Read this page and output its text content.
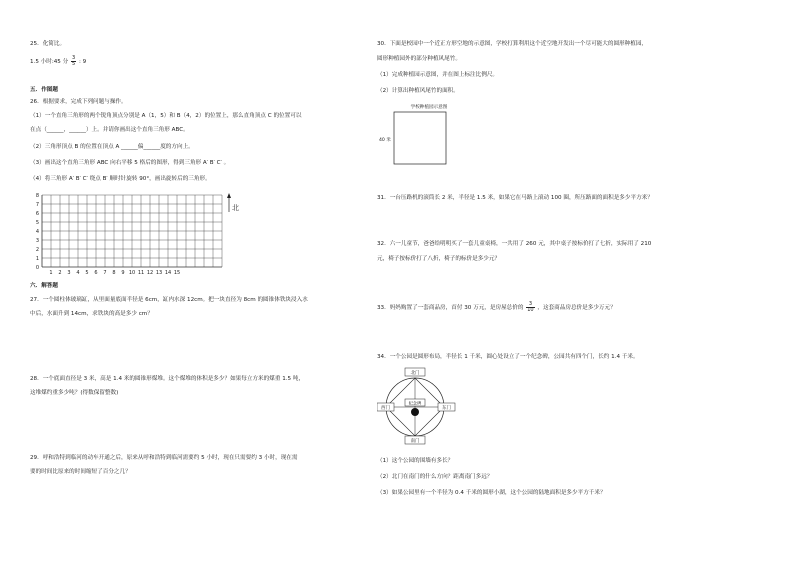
25．化简比。
1.5 小时:45 分 $\frac{3}{5}$ : 9
五．作图题
26．根据要求，完成下列问题与操作。
（1）一个直角三角形的两个锐角顶点分别是 A（1，5）和 B（4，2）的位置上，那么直角顶点 C 的位置可以
在点（______，______）上。并请你画出这个直角三角形 ABC。
（2）三角形顶点 B 的位置在顶点 A ______偏______度的方向上。
（3）画出这个直角三角形 ABC 向右平移 5 格后的图形，得到三角形 A′ B′ C′ 。
（4）将三角形 A′ B′ C′ 绕点 B′ 顺时针旋转 90°，画出旋转后的三角形。
0
1
2
3
4
5
6
7
8
1 2 3 4 5 6 7 8 9 10 11 12 13 14 15
北
六．解答题
27．一个圆柱体玻璃缸，从里面量底面半径是 6cm，缸内水深 12cm。把一块直径为 8cm 的圆锥体铁块浸入水
中后，水面升到 14cm，求铁块的高是多少 cm？
28．一个底面直径是 3 米，高是 1.4 米的圆锥形煤堆。这个煤堆的体积是多少？如果每立方米的煤重 1.5 吨，
这堆煤约重多少吨？(得数保留整数)
29．呼和浩特到临河的动车开通之后，原来从呼和浩特到临河需要约 5 小时，现在只需要约 3 小时，现在需
要的时间比原来的时间缩短了百分之几？
30．下面是校园中一个近正方形空地的示意图，学校打算利用这个近空地开发出一个尽可能大的圆形种植园，
圆形种植园外的部分种植风尾竹。
（1）完成种植园示意图，并在图上标注比例尺。
（2）计算出种植风尾竹的面积。
学校种植园示意图
40 米
31．一台压路机的滚筒长 2 米，半径是 1.5 米，如果它在马路上滚动 100 圈，所压路面的面积是多少平方米？
32．六一儿童节，爸爸给明明买了一套儿童桌椅，一共用了 260 元，其中桌子按标价打了七折，实际用了 210
元，椅子按标价打了八折，椅子的标价是多少元？
33．妈妈购置了一套商品房，首付 30 万元，是房屋总价的 $\frac{3}{10}$ ，这套商品房总价是多少万元？
34．一个公园是圆形布局，半径长 1 千米，圆心处设立了一个纪念碑，公园共有四个门，长约 1.4 千米。
北门
南门
西门	东门
纪念碑
（1）这个公园的围墙有多长？
（2）北门在南门的什么方向？距离南门多远？
（3）如果公园里有一个半径为 0.4 千米的圆形小湖，这个公园的陆地面积是多少平方千米？
